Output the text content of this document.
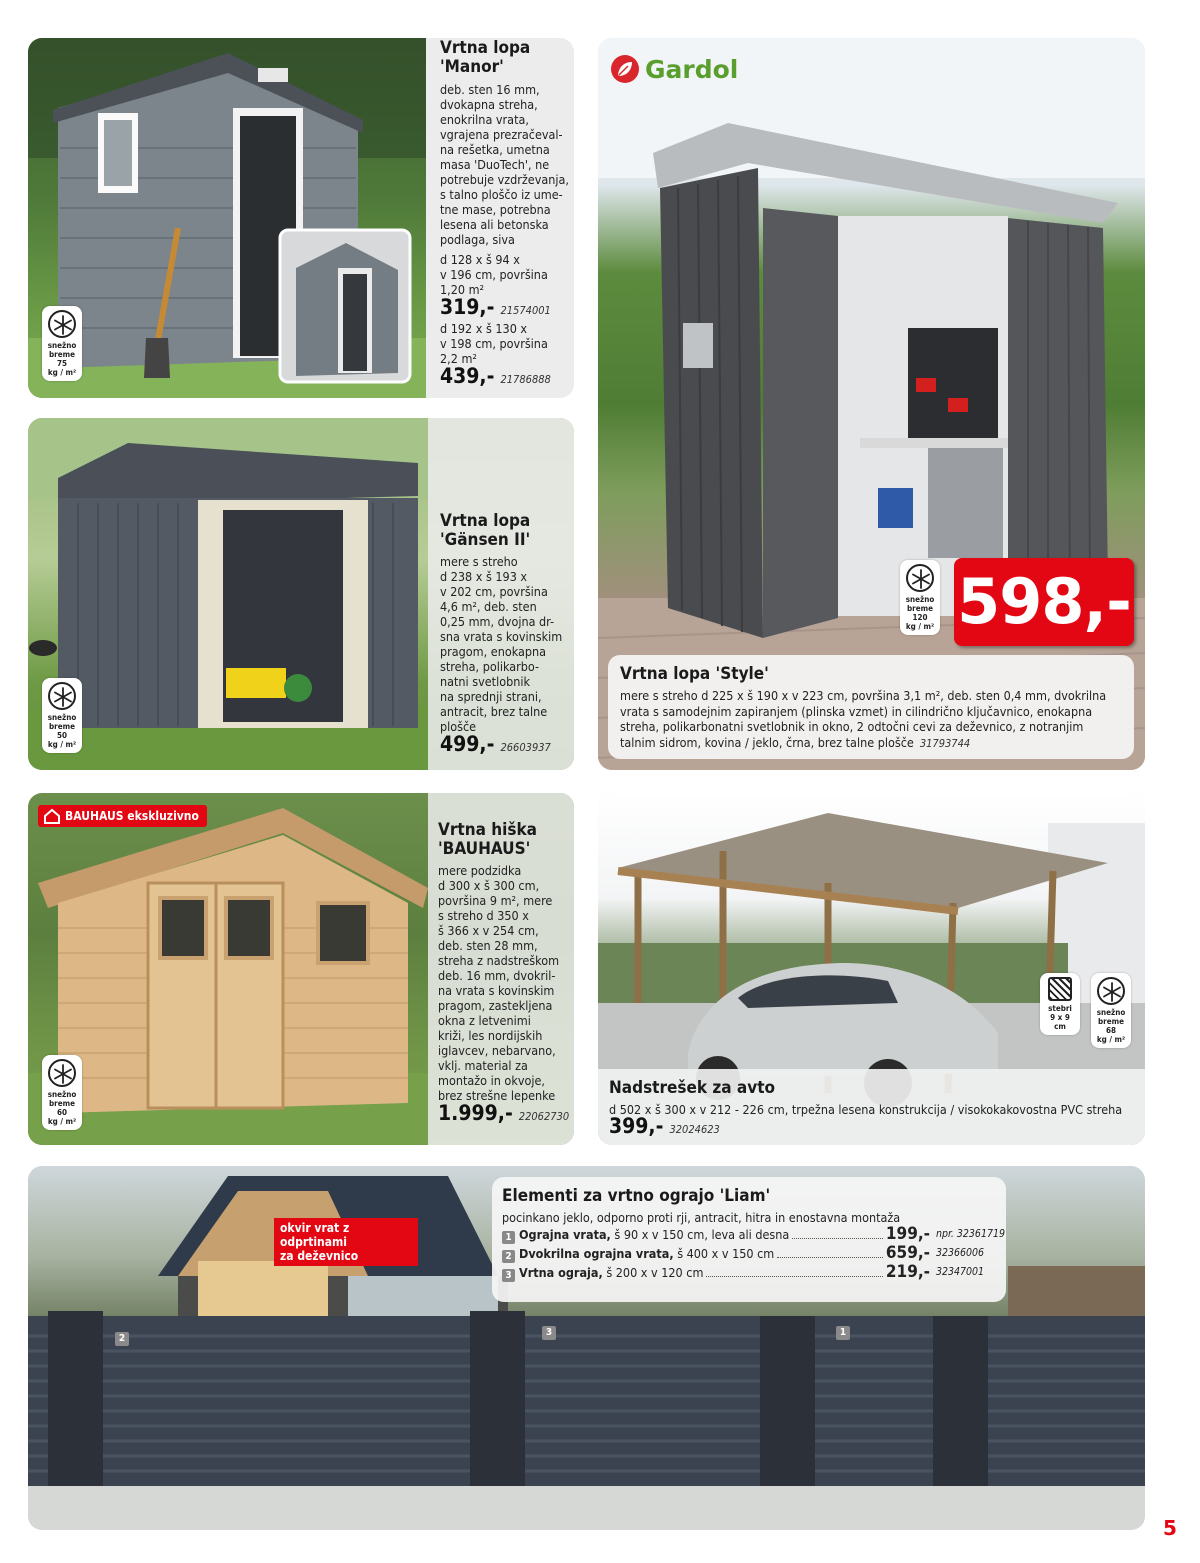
snežno
breme
75
kg / m²
Vrtna lopa
'Manor'
deb. sten 16 mm,
dvokapna streha,
enokrilna vrata,
vgrajena prezračeval-
na rešetka, umetna
masa 'DuoTech', ne
potrebuje vzdrževanja,
s talno ploščo iz ume-
tne mase, potrebna
lesena ali betonska
podlaga, siva
d 128 x š 94 x
v 196 cm, površina
1,20 m²
319,- 21574001
d 192 x š 130 x
v 198 cm, površina
2,2 m²
439,- 21786888
snežno
breme
50
kg / m²
Vrtna lopa
'Gänsen II'
mere s streho
d 238 x š 193 x
v 202 cm, površina
4,6 m², deb. sten
0,25 mm, dvojna dr-
sna vrata s kovinskim
pragom, enokapna
streha, polikarbo-
natni svetlobnik
na sprednji strani,
antracit, brez talne
plošče
499,- 26603937
Gardol
snežno
breme
120
kg / m² 598,-
Vrtna lopa 'Style'
mere s streho d 225 x š 190 x v 223 cm, površina 3,1 m², deb. sten 0,4 mm, dvokrilna
vrata s samodejnim zapiranjem (plinska vzmet) in cilindrično ključavnico, enokapna
streha, polikarbonatni svetlobnik in okno, 2 odtočni cevi za deževnico, z notranjim
talnim sidrom, kovina / jeklo, črna, brez talne plošče 31793744
BAUHAUS ekskluzivno
snežno
breme
60
kg / m²
Vrtna hiška
'BAUHAUS'
mere podzidka
d 300 x š 300 cm,
površina 9 m², mere
s streho d 350 x
š 366 x v 254 cm,
deb. sten 28 mm,
streha z nadstreškom
deb. 16 mm, dvokril-
na vrata s kovinskim
pragom, zastekljena
okna z letvenimi
križi, les nordijskih
iglavcev, nebarvano,
vklj. material za
montažo in okvoje,
brez strešne lepenke
1.999,- 22062730
stebri
9 x 9
cm
snežno
breme
68
kg / m²
Nadstrešek za avto
d 502 x š 300 x v 212 - 226 cm, trpežna lesena konstrukcija / visokokakovostna PVC streha
399,- 32024623
okvir vrat z odprtinami
za deževnico
Elementi za vrtno ograjo 'Liam'
pocinkano jeklo, odporno proti rji, antracit, hitra in enostavna montaža
1 Ograjna vrata,
š 90 x v 150 cm, leva ali desna	199,- npr. 32361719
2 Dvokrilna ograjna vrata,
š 400 x v 150 cm	659,- 32366006
3 Vrtna ograja,
š 200 x v 120 cm	219,- 32347001
2
3	1
5
